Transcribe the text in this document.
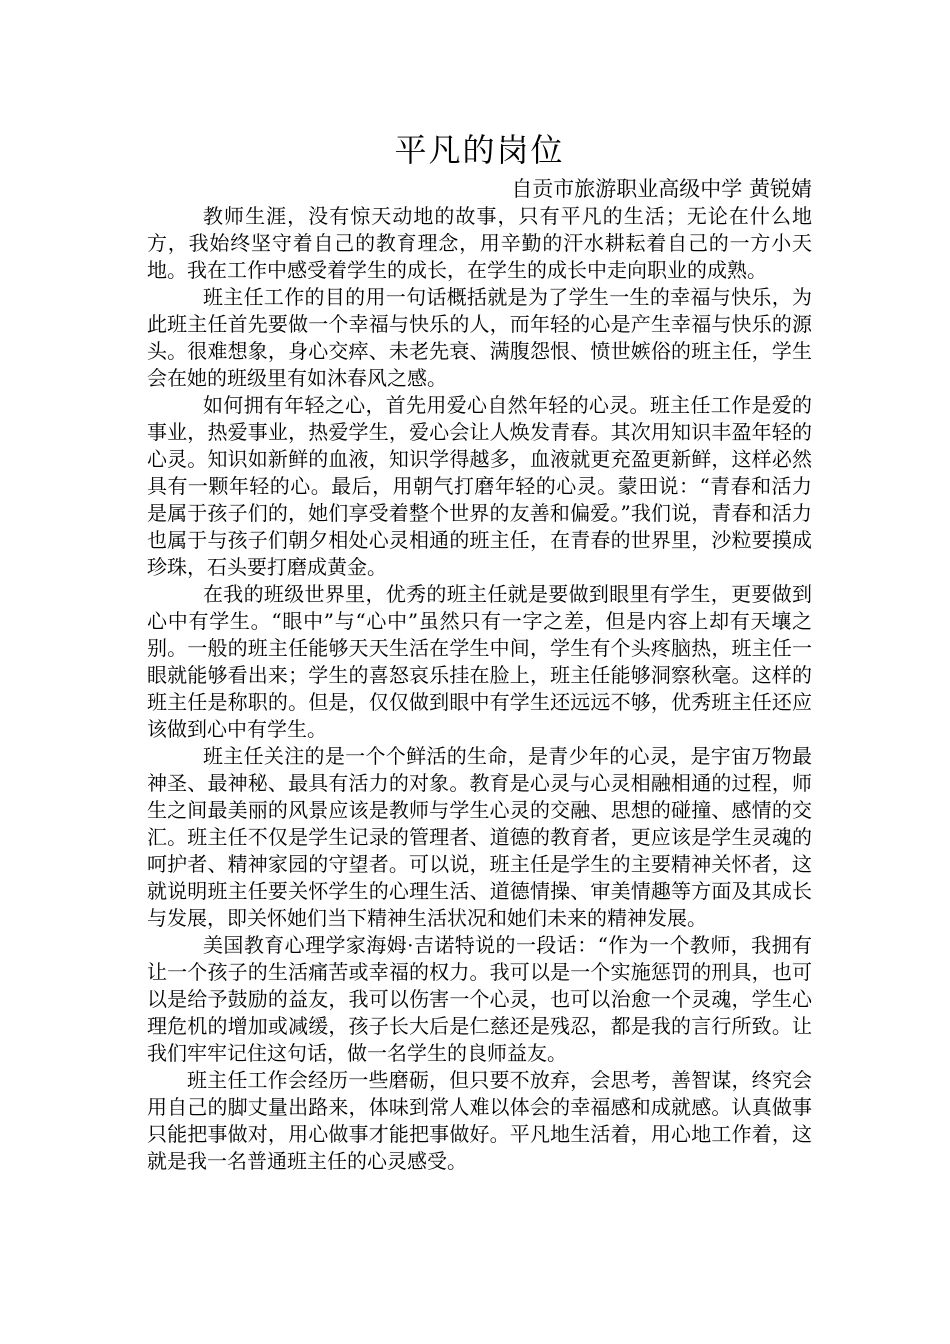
平凡的岗位

自贡市旅游职业高级中学 黄锐婧

教师生涯，没有惊天动地的故事，只有平凡的生活；无论在什么地方，我始终坚守着自己的教育理念，用辛勤的汗水耕耘着自己的一方小天地。我在工作中感受着学生的成长，在学生的成长中走向职业的成熟。

班主任工作的目的用一句话概括就是为了学生一生的幸福与快乐，为此班主任首先要做一个幸福与快乐的人，而年轻的心是产生幸福与快乐的源头。很难想象，身心交瘁、未老先衰、满腹怨恨、愤世嫉俗的班主任，学生会在她的班级里有如沐春风之感。

如何拥有年轻之心，首先用爱心自然年轻的心灵。班主任工作是爱的事业，热爱事业，热爱学生，爱心会让人焕发青春。其次用知识丰盈年轻的心灵。知识如新鲜的血液，知识学得越多，血液就更充盈更新鲜，这样必然具有一颗年轻的心。最后，用朝气打磨年轻的心灵。蒙田说：“青春和活力是属于孩子们的，她们享受着整个世界的友善和偏爱。”我们说，青春和活力也属于与孩子们朝夕相处心灵相通的班主任，在青春的世界里，沙粒要摸成珍珠，石头要打磨成黄金。

在我的班级世界里，优秀的班主任就是要做到眼里有学生，更要做到心中有学生。“眼中”与“心中”虽然只有一字之差，但是内容上却有天壤之别。一般的班主任能够天天生活在学生中间，学生有个头疼脑热，班主任一眼就能够看出来；学生的喜怒哀乐挂在脸上，班主任能够洞察秋毫。这样的班主任是称职的。但是，仅仅做到眼中有学生还远远不够，优秀班主任还应该做到心中有学生。

班主任关注的是一个个鲜活的生命，是青少年的心灵，是宇宙万物最神圣、最神秘、最具有活力的对象。教育是心灵与心灵相融相通的过程，师生之间最美丽的风景应该是教师与学生心灵的交融、思想的碰撞、感情的交汇。班主任不仅是学生记录的管理者、道德的教育者，更应该是学生灵魂的呵护者、精神家园的守望者。可以说，班主任是学生的主要精神关怀者，这就说明班主任要关怀学生的心理生活、道德情操、审美情趣等方面及其成长与发展，即关怀她们当下精神生活状况和她们未来的精神发展。

美国教育心理学家海姆·吉诺特说的一段话：“作为一个教师，我拥有让一个孩子的生活痛苦或幸福的权力。我可以是一个实施惩罚的刑具，也可以是给予鼓励的益友，我可以伤害一个心灵，也可以治愈一个灵魂，学生心理危机的增加或减缓，孩子长大后是仁慈还是残忍，都是我的言行所致。让我们牢牢记住这句话，做一名学生的良师益友。

班主任工作会经历一些磨砺，但只要不放弃，会思考，善智谋，终究会用自己的脚丈量出路来，体味到常人难以体会的幸福感和成就感。认真做事只能把事做对，用心做事才能把事做好。平凡地生活着，用心地工作着，这就是我一名普通班主任的心灵感受。
